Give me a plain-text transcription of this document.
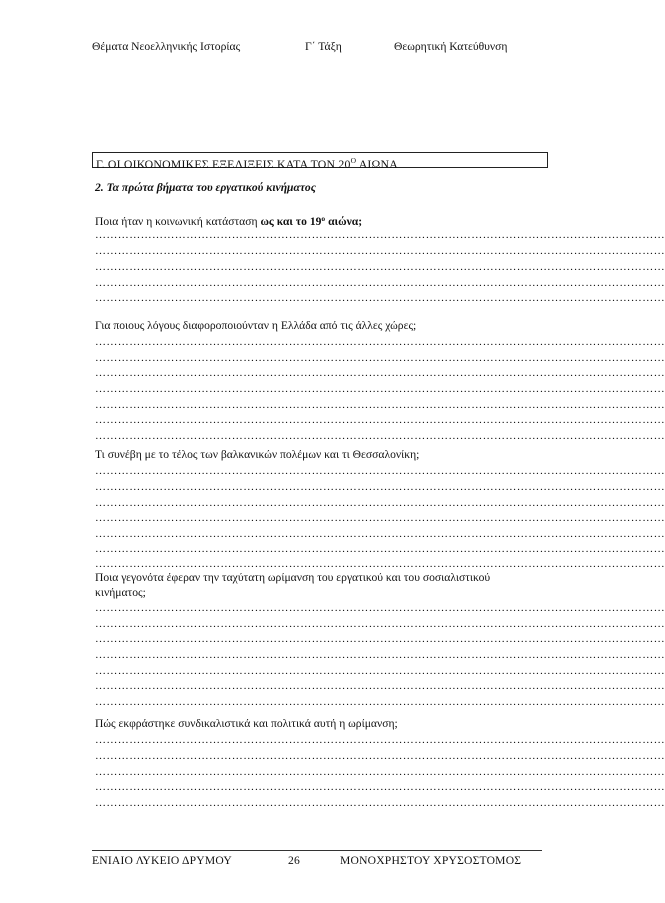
Θέματα Νεοελληνικής Ιστορίας	Γ΄ Τάξη	Θεωρητική Κατεύθυνση
Γ. ΟΙ ΟΙΚΟΝΟΜΙΚΕΣ ΕΞΕΛΙΞΕΙΣ ΚΑΤΑ ΤΟΝ $20^O$ ΑΙΩΝΑ
2. Τα πρώτα βήματα του εργατικού κινήματος
Ποια ήταν η κοινωνική κατάσταση ως και το $19^o$ αιώνα;
……………………………………………………………………………………………………………………………………
……………………………………………………………………………………………………………………………………
……………………………………………………………………………………………………………………………………
……………………………………………………………………………………………………………………………………
……………………………………………………………………………………………………………………………………
Για ποιους λόγους διαφοροποιούνταν η Ελλάδα από τις άλλες χώρες;
……………………………………………………………………………………………………………………………………
……………………………………………………………………………………………………………………………………
……………………………………………………………………………………………………………………………………
……………………………………………………………………………………………………………………………………
……………………………………………………………………………………………………………………………………
……………………………………………………………………………………………………………………………………
……………………………………………………………………………………………………………………………………
Τι συνέβη με το τέλος των βαλκανικών πολέμων και τι Θεσσαλονίκη;
……………………………………………………………………………………………………………………………………
……………………………………………………………………………………………………………………………………
……………………………………………………………………………………………………………………………………
……………………………………………………………………………………………………………………………………
……………………………………………………………………………………………………………………………………
……………………………………………………………………………………………………………………………………
……………………………………………………………………………………………………………………………………
Ποια γεγονότα έφεραν την ταχύτατη ωρίμανση του εργατικού και του σοσιαλιστικού κινήματος;
……………………………………………………………………………………………………………………………………
……………………………………………………………………………………………………………………………………
……………………………………………………………………………………………………………………………………
……………………………………………………………………………………………………………………………………
……………………………………………………………………………………………………………………………………
……………………………………………………………………………………………………………………………………
……………………………………………………………………………………………………………………………………
Πώς εκφράστηκε συνδικαλιστικά και πολιτικά αυτή η ωρίμανση;
……………………………………………………………………………………………………………………………………
……………………………………………………………………………………………………………………………………
……………………………………………………………………………………………………………………………………
……………………………………………………………………………………………………………………………………
……………………………………………………………………………………………………………………………………
ΕΝΙΑΙΟ ΛΥΚΕΙΟ ΔΡΥΜΟΥ	26	ΜΟΝΟΧΡΗΣΤΟΥ ΧΡΥΣΟΣΤΟΜΟΣ
